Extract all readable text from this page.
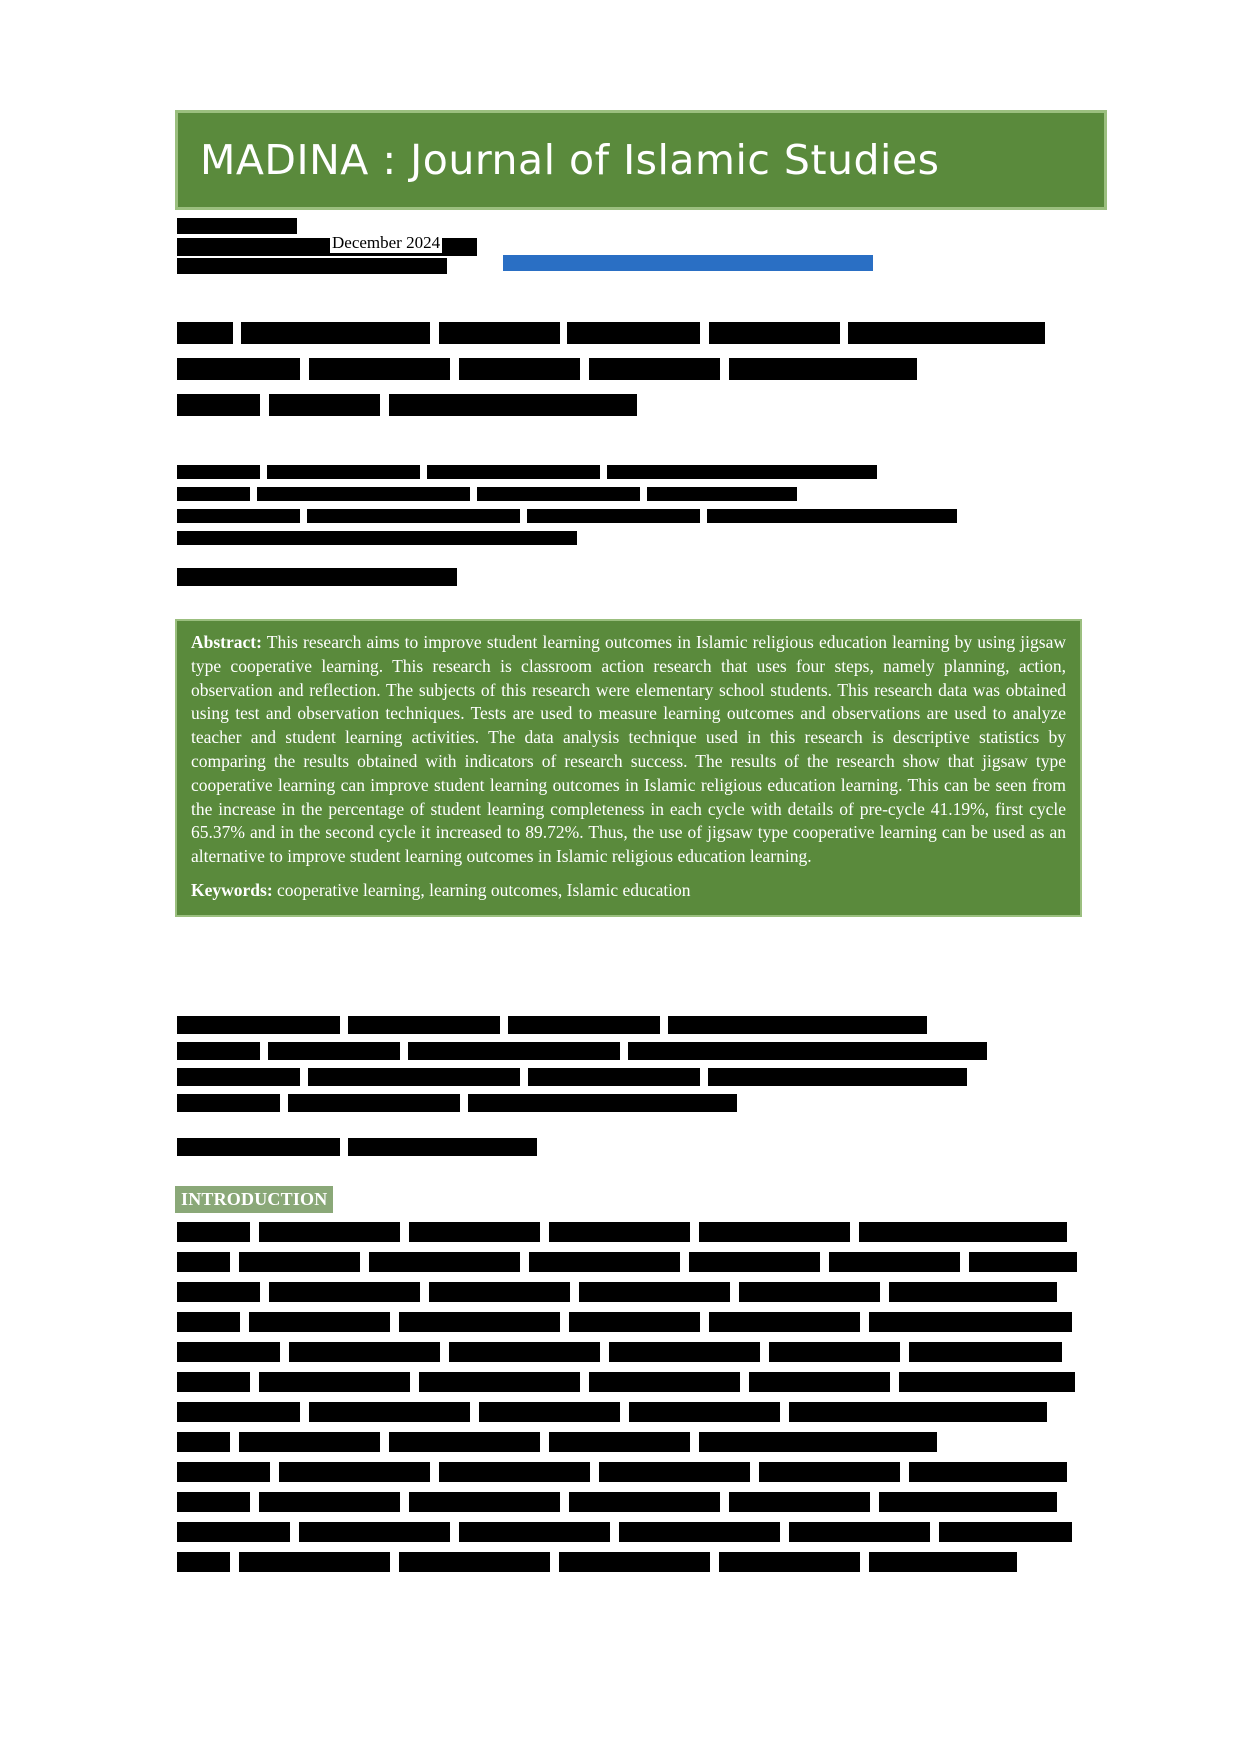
MADINA : Journal of Islamic Studies
December 2024

Abstract: This research aims to improve student learning outcomes in Islamic religious education learning by using jigsaw type cooperative learning. This research is classroom action research that uses four steps, namely planning, action, observation and reflection. The subjects of this research were elementary school students. This research data was obtained using test and observation techniques. Tests are used to measure learning outcomes and observations are used to analyze teacher and student learning activities. The data analysis technique used in this research is descriptive statistics by comparing the results obtained with indicators of research success. The results of the research show that jigsaw type cooperative learning can improve student learning outcomes in Islamic religious education learning. This can be seen from the increase in the percentage of student learning completeness in each cycle with details of pre-cycle 41.19%, first cycle 65.37% and in the second cycle it increased to 89.72%. Thus, the use of jigsaw type cooperative learning can be used as an alternative to improve student learning outcomes in Islamic religious education learning.

Keywords: cooperative learning, learning outcomes, Islamic education

INTRODUCTION
